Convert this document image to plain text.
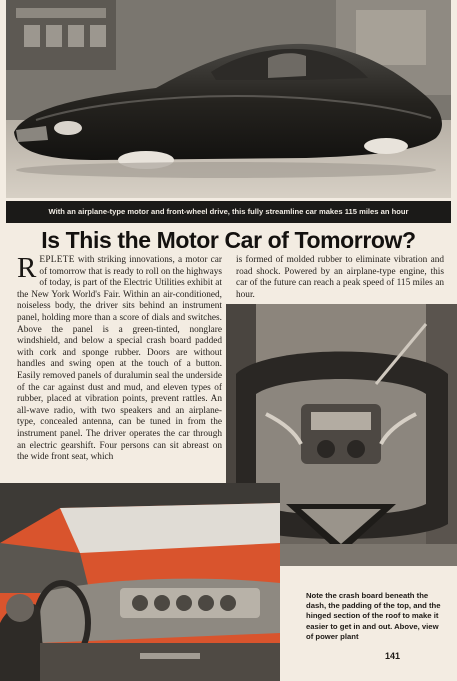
With an airplane-type motor and front-wheel drive, this fully streamline car makes 115 miles an hour
Is This the Motor Car of Tomorrow?
REPLETE with striking innovations, a motor car of tomorrow that is ready to roll on the highways of today, is part of the Electric Utilities exhibit at the New York World's Fair. Within an air-conditioned, noiseless body, the driver sits behind an instrument panel, holding more than a score of dials and switches. Above the panel is a green-tinted, nonglare windshield, and below a special crash board padded with cork and sponge rubber. Doors are without handles and swing open at the touch of a button. Easily removed panels of duralumin seal the underside of the car against dust and mud, and eleven types of rubber, placed at vibration points, prevent rattles. An all-wave radio, with two speakers and an airplane-type, concealed antenna, can be tuned in from the instrument panel. The driver operates the car through an electric gearshift. Four persons can sit abreast on the wide front seat, which
is formed of molded rubber to eliminate vibration and road shock. Powered by an airplane-type engine, this car of the future can reach a peak speed of 115 miles an hour.
Note the crash board beneath the dash, the padding of the top, and the hinged section of the roof to make it easier to get in and out. Above, view of power plant
141
